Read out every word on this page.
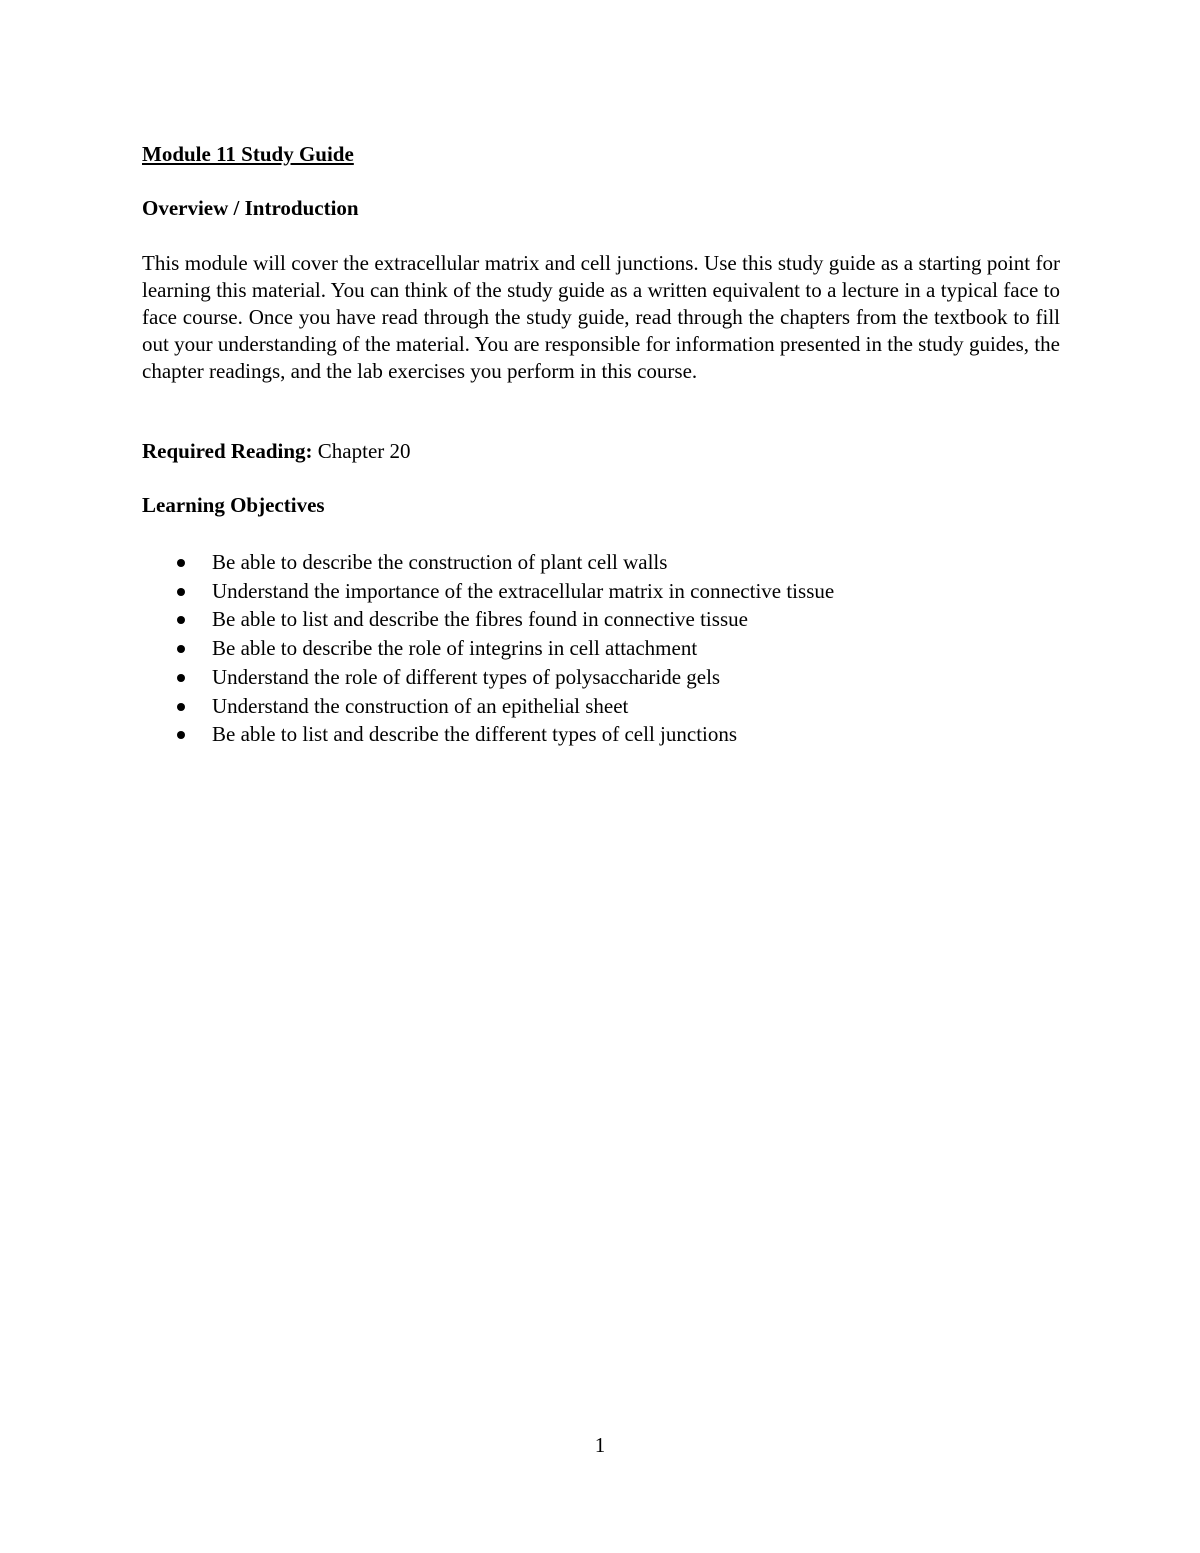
Module 11 Study Guide
Overview / Introduction

This module will cover the extracellular matrix and cell junctions. Use this study guide as a starting point for learning this material. You can think of the study guide as a written equivalent to a lecture in a typical face to face course. Once you have read through the study guide, read through the chapters from the textbook to fill out your understanding of the material. You are responsible for information presented in the study guides, the chapter readings, and the lab exercises you perform in this course.

Required Reading: Chapter 20
Learning Objectives
Be able to describe the construction of plant cell walls
Understand the importance of the extracellular matrix in connective tissue
Be able to list and describe the fibres found in connective tissue
Be able to describe the role of integrins in cell attachment
Understand the role of different types of polysaccharide gels
Understand the construction of an epithelial sheet
Be able to list and describe the different types of cell junctions
1
